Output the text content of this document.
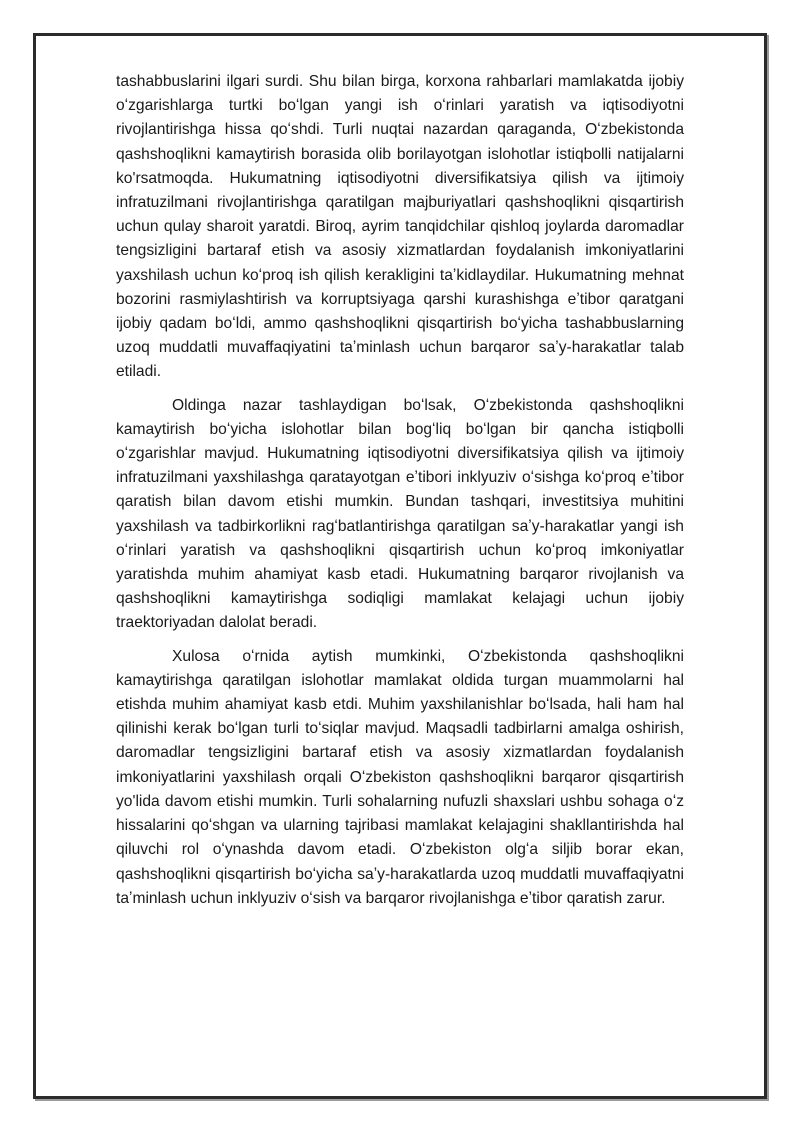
tashabbuslarini ilgari surdi. Shu bilan birga, korxona rahbarlari mamlakatda ijobiy oʻzgarishlarga turtki boʻlgan yangi ish oʻrinlari yaratish va iqtisodiyotni rivojlantirishga hissa qoʻshdi. Turli nuqtai nazardan qaraganda, Oʻzbekistonda qashshoqlikni kamaytirish borasida olib borilayotgan islohotlar istiqbolli natijalarni ko'rsatmoqda. Hukumatning iqtisodiyotni diversifikatsiya qilish va ijtimoiy infratuzilmani rivojlantirishga qaratilgan majburiyatlari qashshoqlikni qisqartirish uchun qulay sharoit yaratdi. Biroq, ayrim tanqidchilar qishloq joylarda daromadlar tengsizligini bartaraf etish va asosiy xizmatlardan foydalanish imkoniyatlarini yaxshilash uchun koʻproq ish qilish kerakligini taʼkidlaydilar. Hukumatning mehnat bozorini rasmiylashtirish va korruptsiyaga qarshi kurashishga eʼtibor qaratgani ijobiy qadam boʻldi, ammo qashshoqlikni qisqartirish boʻyicha tashabbuslarning uzoq muddatli muvaffaqiyatini taʼminlash uchun barqaror saʼy-harakatlar talab etiladi.

Oldinga nazar tashlaydigan boʻlsak, Oʻzbekistonda qashshoqlikni kamaytirish boʻyicha islohotlar bilan bogʻliq boʻlgan bir qancha istiqbolli oʻzgarishlar mavjud. Hukumatning iqtisodiyotni diversifikatsiya qilish va ijtimoiy infratuzilmani yaxshilashga qaratayotgan eʼtibori inklyuziv oʻsishga koʻproq eʼtibor qaratish bilan davom etishi mumkin. Bundan tashqari, investitsiya muhitini yaxshilash va tadbirkorlikni ragʻbatlantirishga qaratilgan saʼy-harakatlar yangi ish oʻrinlari yaratish va qashshoqlikni qisqartirish uchun koʻproq imkoniyatlar yaratishda muhim ahamiyat kasb etadi. Hukumatning barqaror rivojlanish va qashshoqlikni kamaytirishga sodiqligi mamlakat kelajagi uchun ijobiy traektoriyadan dalolat beradi.

Xulosa oʻrnida aytish mumkinki, Oʻzbekistonda qashshoqlikni kamaytirishga qaratilgan islohotlar mamlakat oldida turgan muammolarni hal etishda muhim ahamiyat kasb etdi. Muhim yaxshilanishlar boʻlsada, hali ham hal qilinishi kerak boʻlgan turli toʻsiqlar mavjud. Maqsadli tadbirlarni amalga oshirish, daromadlar tengsizligini bartaraf etish va asosiy xizmatlardan foydalanish imkoniyatlarini yaxshilash orqali Oʻzbekiston qashshoqlikni barqaror qisqartirish yo'lida davom etishi mumkin. Turli sohalarning nufuzli shaxslari ushbu sohaga oʻz hissalarini qoʻshgan va ularning tajribasi mamlakat kelajagini shakllantirishda hal qiluvchi rol oʻynashda davom etadi. Oʻzbekiston olgʻa siljib borar ekan, qashshoqlikni qisqartirish boʻyicha saʼy-harakatlarda uzoq muddatli muvaffaqiyatni taʼminlash uchun inklyuziv oʻsish va barqaror rivojlanishga eʼtibor qaratish zarur.
